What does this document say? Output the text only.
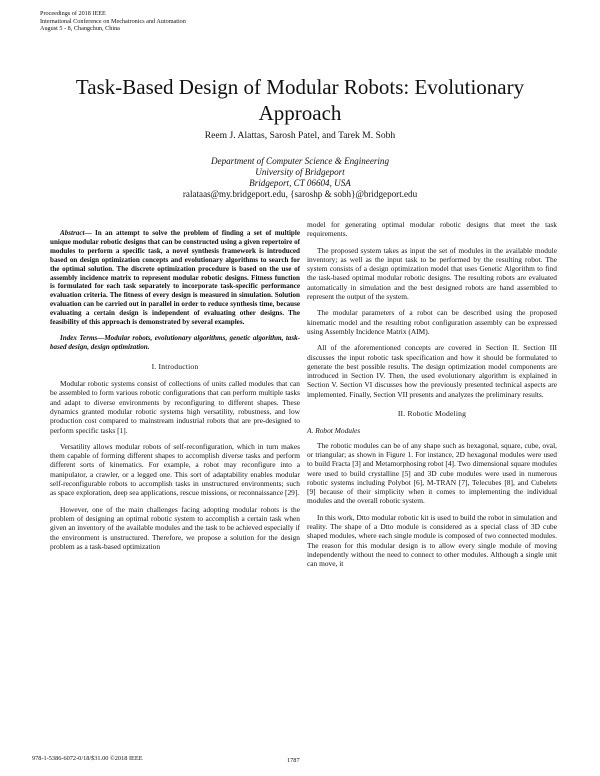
Proceedings of 2018 IEEE
International Conference on Mechatronics and Automation
August 5 - 8, Changchun, China
Task-Based Design of Modular Robots: Evolutionary Approach
Reem J. Alattas, Sarosh Patel, and Tarek M. Sobh
Department of Computer Science & Engineering
University of Bridgeport
Bridgeport, CT 06604, USA
ralataas@my.bridgeport.edu, {saroshp & sobh}@bridgeport.edu

Abstract— In an attempt to solve the problem of finding a set of multiple unique modular robotic designs that can be constructed using a given repertoire of modules to perform a specific task, a novel synthesis framework is introduced based on design optimization concepts and evolutionary algorithms to search for the optimal solution. The discrete optimization procedure is based on the use of assembly incidence matrix to represent modular robotic designs. Fitness function is formulated for each task separately to incorporate task-specific performance evaluation criteria. The fitness of every design is measured in simulation. Solution evaluation can be carried out in parallel in order to reduce synthesis time, because evaluating a certain design is independent of evaluating other designs. The feasibility of this approach is demonstrated by several examples.

Index Terms—Modular robots, evolutionary algorithms, genetic algorithm, task-based design, design optimization.

I. Introduction

Modular robotic systems consist of collections of units called modules that can be assembled to form various robotic configurations that can perform multiple tasks and adapt to diverse environments by reconfiguring to different shapes. These dynamics granted modular robotic systems high versatility, robustness, and low production cost compared to mainstream industrial robots that are pre-designed to perform specific tasks [1].

Versatility allows modular robots of self-reconfiguration, which in turn makes them capable of forming different shapes to accomplish diverse tasks and perform different sorts of kinematics. For example, a robot may reconfigure into a manipulator, a crawler, or a legged one. This sort of adaptability enables modular self-reconfigurable robots to accomplish tasks in unstructured environments; such as space exploration, deep sea applications, rescue missions, or reconnaissance [29].

However, one of the main challenges facing adopting modular robots is the problem of designing an optimal robotic system to accomplish a certain task when given an inventory of the available modules and the task to be achieved especially if the environment is unstructured. Therefore, we propose a solution for the design problem as a task-based optimization

model for generating optimal modular robotic designs that meet the task requirements.

The proposed system takes as input the set of modules in the available module inventory; as well as the input task to be performed by the resulting robot. The system consists of a design optimization model that uses Genetic Algorithm to find the task-based optimal modular robotic designs. The resulting robots are evaluated automatically in simulation and the best designed robots are hand assembled to represent the output of the system.

The modular parameters of a robot can be described using the proposed kinematic model and the resulting robot configuration assembly can be expressed using Assembly Incidence Matrix (AIM).

All of the aforementioned concepts are covered in Section II. Section III discusses the input robotic task specification and how it should be formulated to generate the best possible results. The design optimization model components are introduced in Section IV. Then, the used evolutionary algorithm is explained in Section V. Section VI discusses how the previously presented technical aspects are implemented. Finally, Section VII presents and analyzes the preliminary results.

II. Robotic Modeling

A. Robot Modules

The robotic modules can be of any shape such as hexagonal, square, cube, oval, or triangular; as shown in Figure 1. For instance, 2D hexagonal modules were used to build Fracta [3] and Metamorphosing robot [4]. Two dimensional square modules were used to build crystalline [5] and 3D cube modules were used in numerous robotic systems including Polybot [6], M-TRAN [7], Telecubes [8], and Cubelets [9] because of their simplicity when it comes to implementing the individual modules and the overall robotic system.

In this work, Dtto modular robotic kit is used to build the robot in simulation and reality. The shape of a Dtto module is considered as a special class of 3D cube shaped modules, where each single module is composed of two connected modules. The reason for this modular design is to allow every single module of moving independently without the need to connect to other modules. Although a single unit can move, it

978-1-5386-6072-0/18/$31.00 ©2018 IEEE	1787
